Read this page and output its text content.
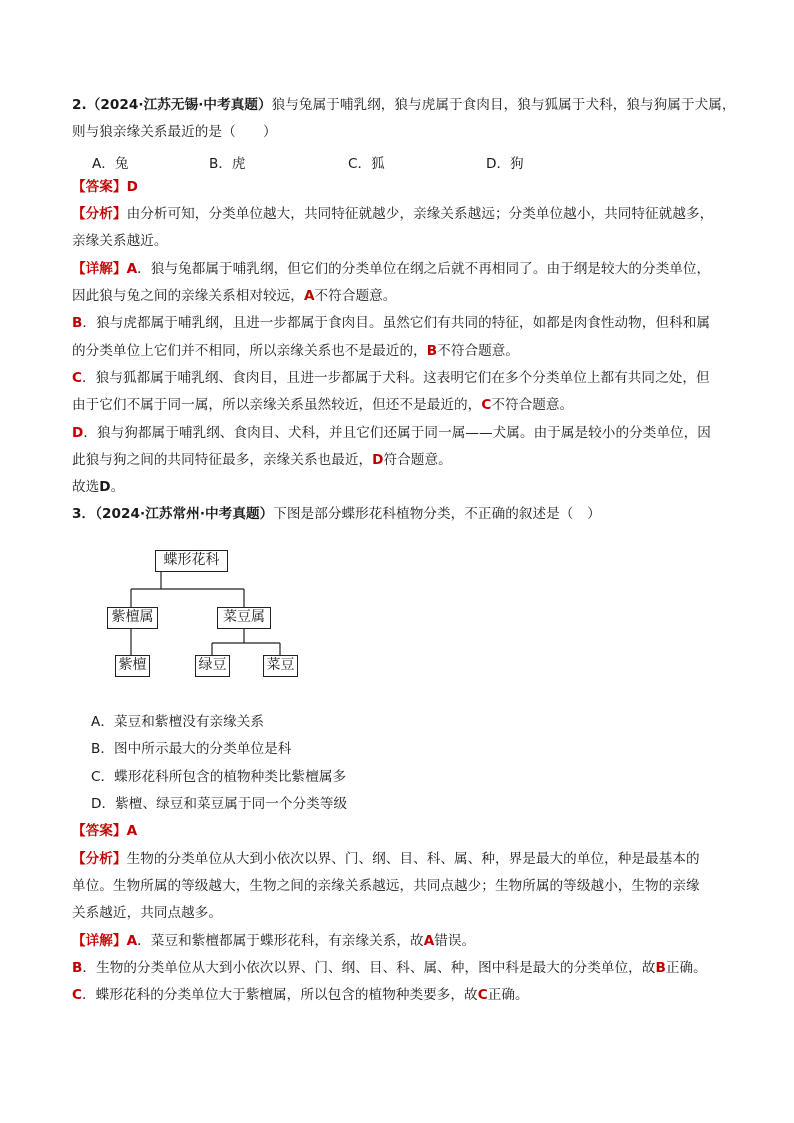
2.（2024·江苏无锡·中考真题）狼与兔属于哺乳纲，狼与虎属于食肉目，狼与狐属于犬科，狼与狗属于犬属，
则与狼亲缘关系最近的是（　　）
A．兔	B．虎	C．狐	D．狗
【答案】D
【分析】由分析可知，分类单位越大，共同特征就越少，亲缘关系越远；分类单位越小，共同特征就越多，
亲缘关系越近。
【详解】A．狼与兔都属于哺乳纲，但它们的分类单位在纲之后就不再相同了。由于纲是较大的分类单位，
因此狼与兔之间的亲缘关系相对较远，A不符合题意。
B．狼与虎都属于哺乳纲，且进一步都属于食肉目。虽然它们有共同的特征，如都是肉食性动物，但科和属
的分类单位上它们并不相同，所以亲缘关系也不是最近的，B不符合题意。
C．狼与狐都属于哺乳纲、食肉目，且进一步都属于犬科。这表明它们在多个分类单位上都有共同之处，但
由于它们不属于同一属，所以亲缘关系虽然较近，但还不是最近的，C不符合题意。
D．狼与狗都属于哺乳纲、食肉目、犬科，并且它们还属于同一属——犬属。由于属是较小的分类单位，因
此狼与狗之间的共同特征最多，亲缘关系也最近，D符合题意。
故选D。
3．（2024·江苏常州·中考真题）下图是部分蝶形花科植物分类，不正确的叙述是（　）
蝶形花科
紫檀属	菜豆属
紫檀	绿豆	菜豆
A．菜豆和紫檀没有亲缘关系
B．图中所示最大的分类单位是科
C．蝶形花科所包含的植物种类比紫檀属多
D．紫檀、绿豆和菜豆属于同一个分类等级
【答案】A
【分析】生物的分类单位从大到小依次以界、门、纲、目、科、属、种，界是最大的单位，种是最基本的
单位。生物所属的等级越大，生物之间的亲缘关系越远，共同点越少；生物所属的等级越小，生物的亲缘
关系越近，共同点越多。
【详解】A．菜豆和紫檀都属于蝶形花科，有亲缘关系，故A错误。
B．生物的分类单位从大到小依次以界、门、纲、目、科、属、种，图中科是最大的分类单位，故B正确。
C．蝶形花科的分类单位大于紫檀属，所以包含的植物种类要多，故C正确。
